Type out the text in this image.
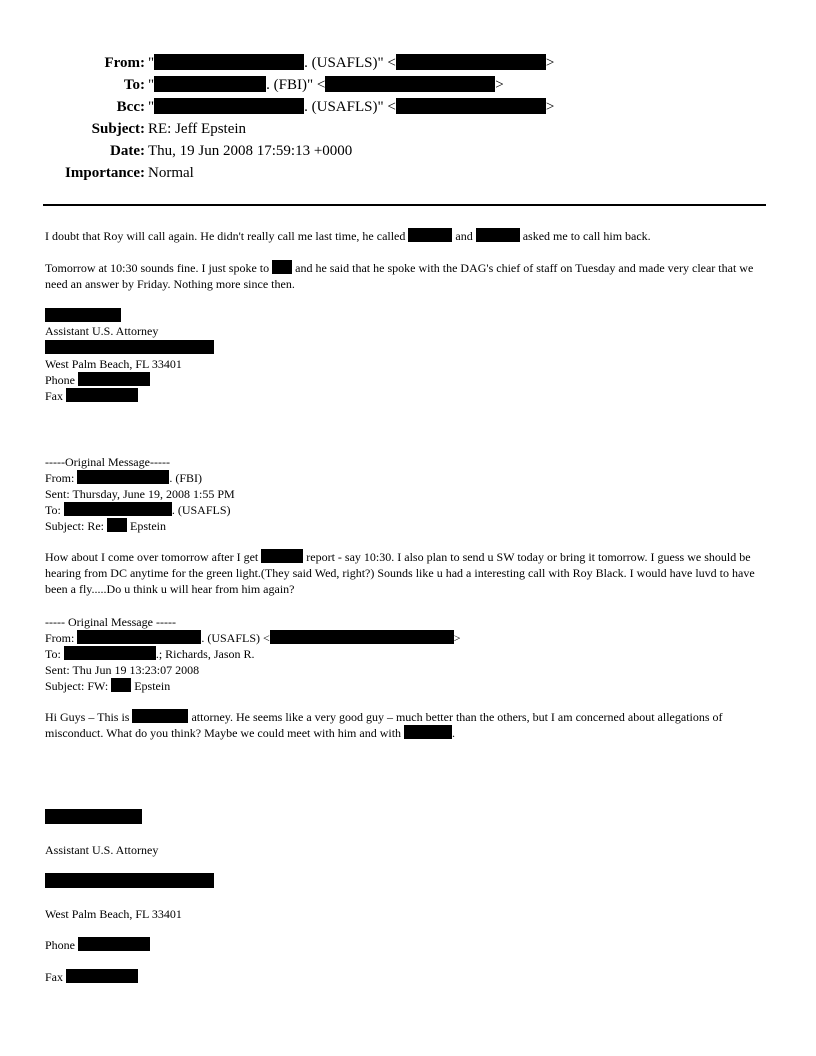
From: "	. (USAFLS)" <	>
To: "	. (FBI)" <	>
Bcc: "	. (USAFLS)" <	>
Subject: RE: Jeff Epstein
Date: Thu, 19 Jun 2008 17:59:13 +0000
Importance: Normal

I doubt that Roy will call again. He didn't really call me last time, he called	and	asked me to call him back.

Tomorrow at 10:30 sounds fine. I just spoke to and he said that he spoke with the DAG's chief of staff on Tuesday and made very clear that we need an answer by Friday. Nothing more since then.

Assistant U.S. Attorney
West Palm Beach, FL 33401
Phone
Fax
-----Original Message-----
From:	. (FBI)
Sent: Thursday, June 19, 2008 1:55 PM
To:	. (USAFLS)
Subject: Re: Epstein

How about I come over tomorrow after I get	report - say 10:30. I also plan to send u SW today or bring it tomorrow. I guess we should be hearing from DC anytime for the green light.(They said Wed, right?) Sounds like u had a interesting call with Roy Black. I would have luvd to have been a fly.....Do u think u will hear from him again?

----- Original Message -----
From:	. (USAFLS) <	>
To:	.; Richards, Jason R.
Sent: Thu Jun 19 13:23:07 2008
Subject: FW: Epstein

Hi Guys – This is	attorney. He seems like a very good guy – much better than the others, but I am concerned about allegations of misconduct. What do you think? Maybe we could meet with him and with	.

Assistant U.S. Attorney
West Palm Beach, FL 33401
Phone
Fax
